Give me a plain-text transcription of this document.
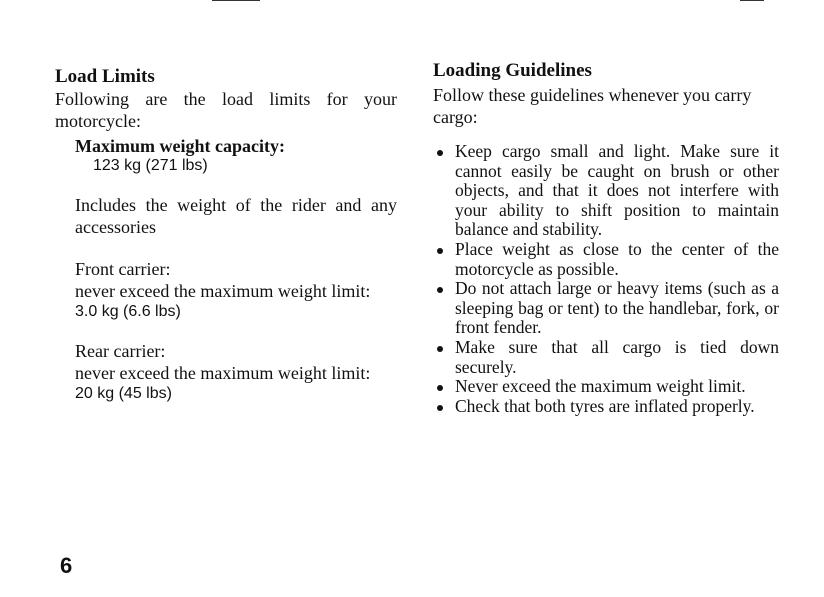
Load Limits
Following are the load limits for your motorcycle:
Maximum weight capacity:
123 kg (271 lbs)
Includes the weight of the rider and any accessories
Front carrier:
never exceed the maximum weight limit:
3.0 kg (6.6 lbs)
Rear carrier:
never exceed the maximum weight limit:
20 kg (45 lbs)
Loading Guidelines
Follow these guidelines whenever you carry cargo:
Keep cargo small and light. Make sure it cannot easily be caught on brush or other objects, and that it does not interfere with your ability to shift position to maintain balance and stability.
Place weight as close to the center of the motorcycle as possible.
Do not attach large or heavy items (such as a sleeping bag or tent) to the handlebar, fork, or front fender.
Make sure that all cargo is tied down securely.
Never exceed the maximum weight limit.
Check that both tyres are inflated properly.
6
